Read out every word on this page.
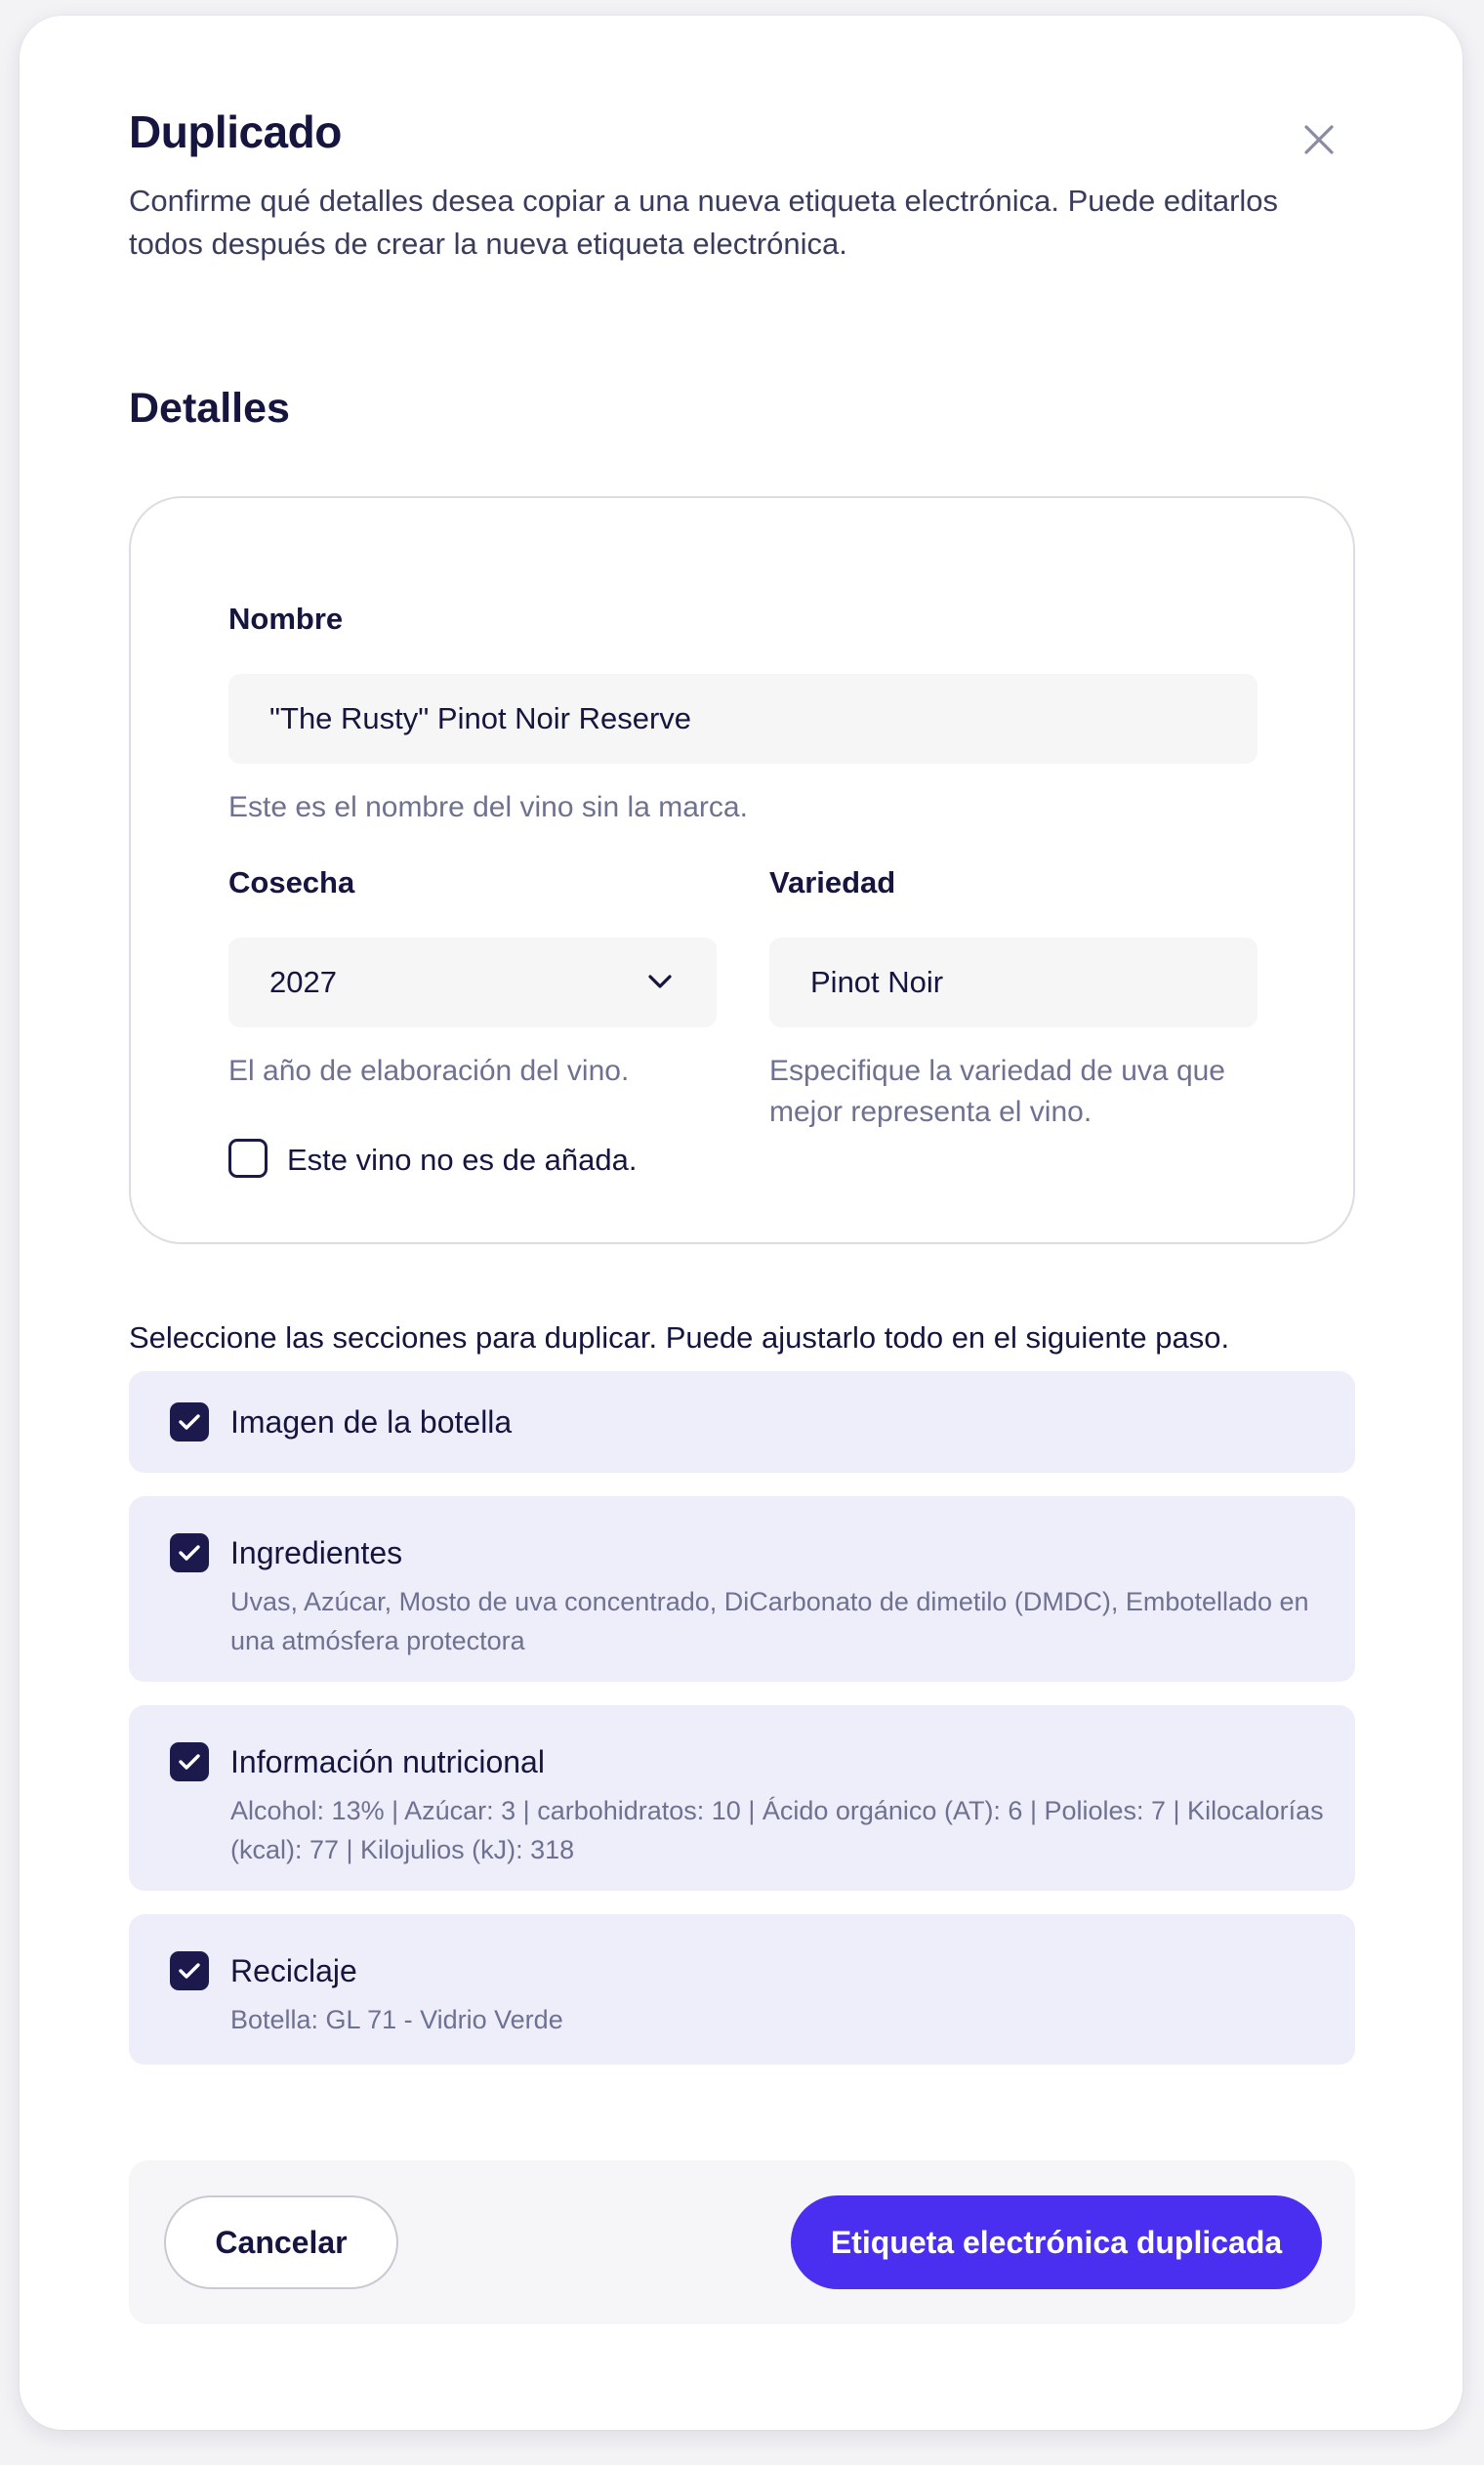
Duplicado

Confirme qué detalles desea copiar a una nueva etiqueta electrónica. Puede editarlos todos después de crear la nueva etiqueta electrónica.

Detalles
Nombre
"The Rusty" Pinot Noir Reserve
Este es el nombre del vino sin la marca.
Cosecha
2027
El año de elaboración del vino.
Variedad
Pinot Noir
Especifique la variedad de uva que mejor representa el vino.
Este vino no es de añada.
Seleccione las secciones para duplicar. Puede ajustarlo todo en el siguiente paso.
Imagen de la botella
Ingredientes
Uvas, Azúcar, Mosto de uva concentrado, DiCarbonato de dimetilo (DMDC), Embotellado en una atmósfera protectora
Información nutricional
Alcohol: 13% | Azúcar: 3 | carbohidratos: 10 | Ácido orgánico (AT): 6 | Polioles: 7 | Kilocalorías (kcal): 77 | Kilojulios (kJ): 318
Reciclaje
Botella: GL 71 - Vidrio Verde
Cancelar	Etiqueta electrónica duplicada
